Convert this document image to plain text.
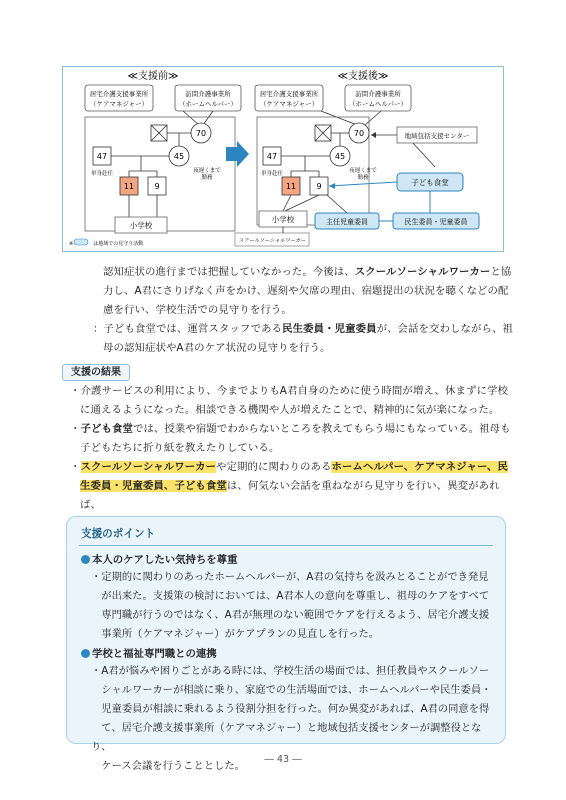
≪支援前≫	≪支援後≫
居宅介護支援事業所
（ケアマネジャー）
訪問介護事業所
（ホームヘルパー）
70
47
単身赴任
45
夜遅くまで
勤務
11	9
小学校
※　　　　は地域での見守り活動
居宅介護支援事業所
（ケアマネジャー）
訪問介護事業所
（ホームヘルパー）
70
47
単身赴任
45
夜遅くまで
勤務
11	9
小学校
スクールソーシャルワーカー
地域包括支援センター
子ども食堂
主任児童委員	民生委員・児童委員
認知症状の進行までは把握していなかった。今後は、スクールソーシャルワーカーと協
力し、A君にさりげなく声をかけ、遅刻や欠席の理由、宿題提出の状況を聴くなどの配
慮を行い、学校生活での見守りを行う。
：子ども食堂では、運営スタッフである民生委員・児童委員が、会話を交わしながら、祖
母の認知症状やA君のケア状況の見守りを行う。
支援の結果
・介護サービスの利用により、今までよりもA君自身のために使う時間が増え、休まずに学校
に通えるようになった。相談できる機関や人が増えたことで、精神的に気が楽になった。
・子ども食堂では、授業や宿題でわからないところを教えてもらう場にもなっている。祖母も
子どもたちに折り紙を教えたりしている。
・スクールソーシャルワーカーや定期的に関わりのあるホームヘルパー、ケアマネジャー、民
生委員・児童委員、子ども食堂は、何気ない会話を重ねながら見守りを行い、異変があれば、
支援のポイント
本人のケアしたい気持ちを尊重
・定期的に関わりのあったホームヘルパーが、A君の気持ちを汲みとることができ発見
　が出来た。支援策の検討においては、A君本人の意向を尊重し、祖母のケアをすべて
　専門職が行うのではなく、A君が無理のない範囲でケアを行えるよう、居宅介護支援
　事業所（ケアマネジャー）がケアプランの見直しを行った。
学校と福祉専門職との連携
・A君が悩みや困りごとがある時には、学校生活の場面では、担任教員やスクールソー
　シャルワーカーが相談に乗り、家庭での生活場面では、ホームヘルパーや民生委員・
　児童委員が相談に乗れるよう役割分担を行った。何か異変があれば、A君の同意を得
　て、居宅介護支援事業所（ケアマネジャー）と地域包括支援センターが調整役となり、
　ケース会議を行うこととした。
― 43 ―
